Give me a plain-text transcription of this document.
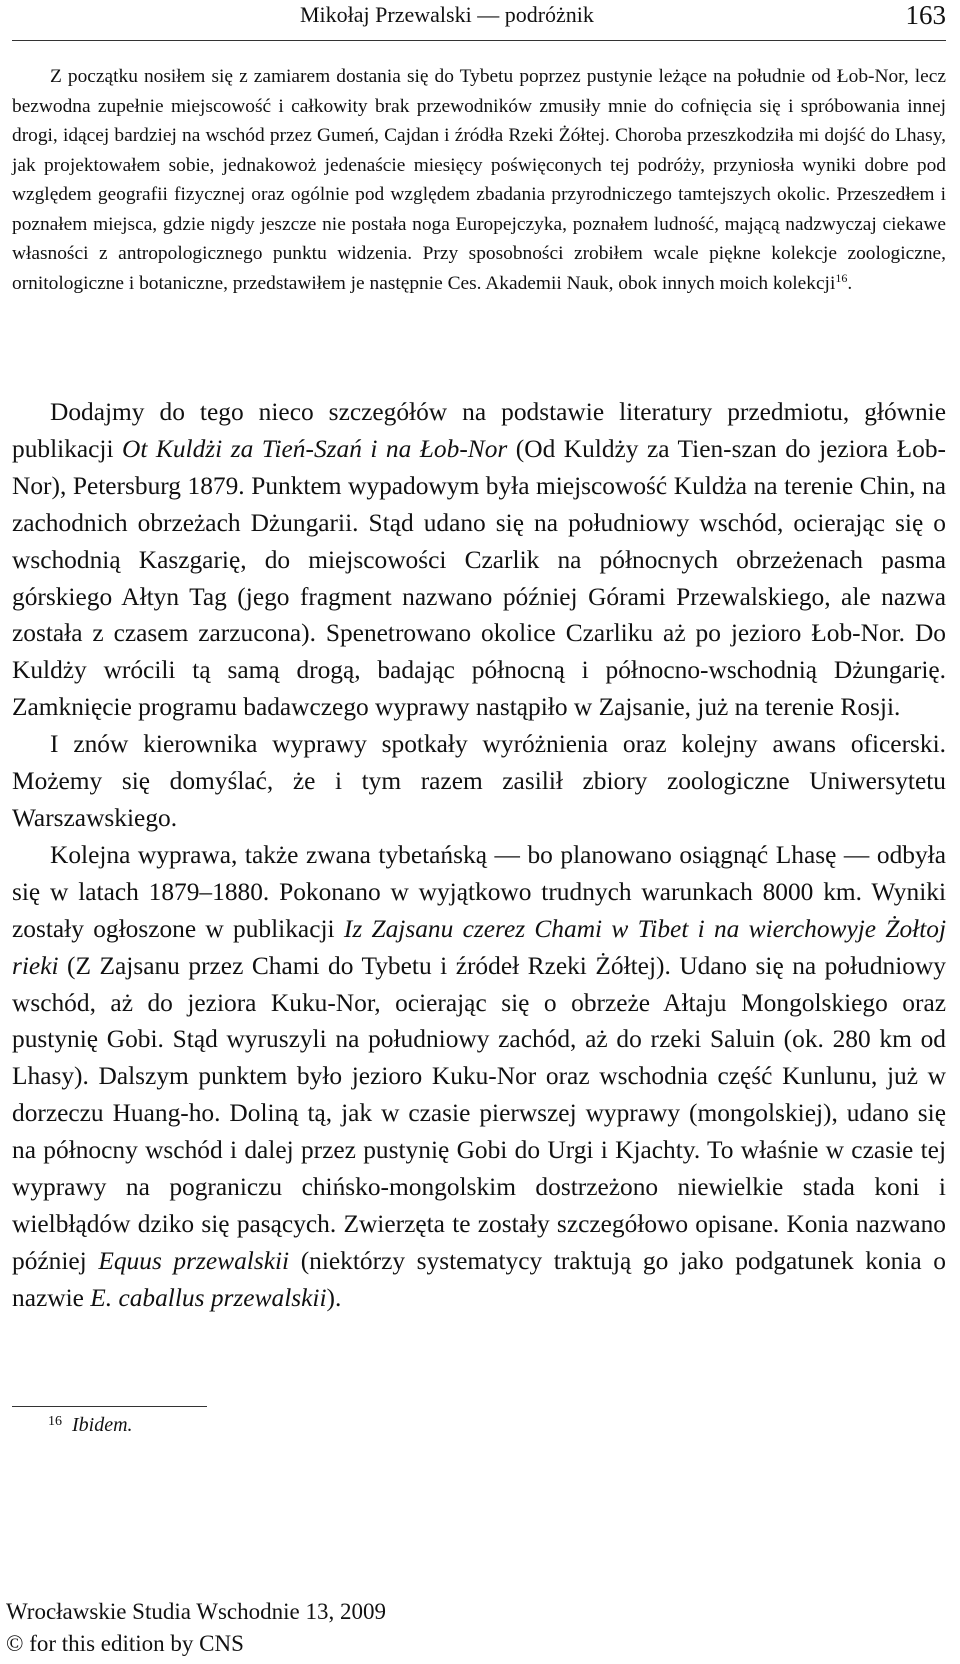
Mikołaj Przewalski — podróżnik	163

Z początku nosiłem się z zamiarem dostania się do Tybetu poprzez pustynie leżące na południe od Łob-Nor, lecz bezwodna zupełnie miejscowość i całkowity brak przewodników zmusiły mnie do cofnięcia się i spróbowania innej drogi, idącej bardziej na wschód przez Gumeń, Cajdan i źródła Rzeki Żółtej. Choroba przeszkodziła mi dojść do Lhasy, jak projektowałem sobie, jednakowoż jedenaście miesięcy poświęconych tej podróży, przyniosła wyniki dobre pod względem geografii fizycznej oraz ogólnie pod względem zbadania przyrodniczego tamtejszych okolic. Przeszedłem i poznałem miejsca, gdzie nigdy jeszcze nie postała noga Europejczyka, poznałem ludność, mającą nadzwyczaj ciekawe własności z antropologicznego punktu widzenia. Przy sposobności zrobiłem wcale piękne kolekcje zoologiczne, ornitologiczne i botaniczne, przedstawiłem je następnie Ces. Akademii Nauk, obok innych moich kolekcji$^{16}$.

Dodajmy do tego nieco szczegółów na podstawie literatury przedmiotu, głównie publikacji Ot Kuldżi za Tień-Szań i na Łob-Nor (Od Kuldży za Tien-szan do jeziora Łob-Nor), Petersburg 1879. Punktem wypadowym była miejscowość Kuldża na terenie Chin, na zachodnich obrzeżach Dżungarii. Stąd udano się na południowy wschód, ocierając się o wschodnią Kaszgarię, do miejscowości Czarlik na północnych obrzeżenach pasma górskiego Ałtyn Tag (jego fragment nazwano później Górami Przewalskiego, ale nazwa została z czasem zarzucona). Spenetrowano okolice Czarliku aż po jezioro Łob-Nor. Do Kuldży wrócili tą samą drogą, badając północną i północno-wschodnią Dżungarię. Zamknięcie programu badawczego wyprawy nastąpiło w Zajsanie, już na terenie Rosji.

I znów kierownika wyprawy spotkały wyróżnienia oraz kolejny awans oficerski. Możemy się domyślać, że i tym razem zasilił zbiory zoologiczne Uniwersytetu Warszawskiego.

Kolejna wyprawa, także zwana tybetańską — bo planowano osiągnąć Lhasę — odbyła się w latach 1879–1880. Pokonano w wyjątkowo trudnych warunkach 8000 km. Wyniki zostały ogłoszone w publikacji Iz Zajsanu czerez Chami w Tibet i na wierchowyje Żołtoj rieki (Z Zajsanu przez Chami do Tybetu i źródeł Rzeki Żółtej). Udano się na południowy wschód, aż do jeziora Kuku-Nor, ocierając się o obrzeże Ałtaju Mongolskiego oraz pustynię Gobi. Stąd wyruszyli na południowy zachód, aż do rzeki Saluin (ok. 280 km od Lhasy). Dalszym punktem było jezioro Kuku-Nor oraz wschodnia część Kunlunu, już w dorzeczu Huang-ho. Doliną tą, jak w czasie pierwszej wyprawy (mongolskiej), udano się na północny wschód i dalej przez pustynię Gobi do Urgi i Kjachty. To właśnie w czasie tej wyprawy na pograniczu chińsko-mongolskim dostrzeżono niewielkie stada koni i wielbłądów dziko się pasących. Zwierzęta te zostały szczegółowo opisane. Konia nazwano później Equus przewalskii (niektórzy systematycy traktują go jako podgatunek konia o nazwie E. caballus przewalskii).

$^{16}$ Ibidem.
Wrocławskie Studia Wschodnie 13, 2009
© for this edition by CNS
